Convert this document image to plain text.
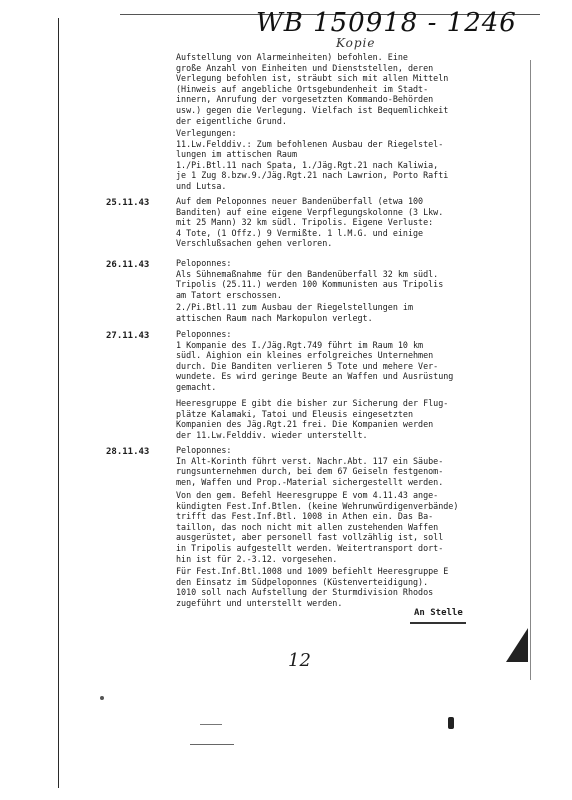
WB 150918 - 1246
Kopie
Aufstellung von Alarmeinheiten) befohlen. Eine
große Anzahl von Einheiten und Dienststellen, deren
Verlegung befohlen ist, sträubt sich mit allen Mitteln
(Hinweis auf angebliche Ortsgebundenheit im Stadt-
innern, Anrufung der vorgesetzten Kommando-Behörden
usw.) gegen die Verlegung. Vielfach ist Bequemlichkeit
der eigentliche Grund.
Verlegungen:
11.Lw.Felddiv.: Zum befohlenen Ausbau der Riegelstel-
lungen im attischen Raum
1./Pi.Btl.11 nach Spata, 1./Jäg.Rgt.21 nach Kaliwia,
je 1 Zug 8.bzw.9./Jäg.Rgt.21 nach Lawrion, Porto Rafti
und Lutsa.
25.11.43	Auf dem Peloponnes neuer Bandenüberfall (etwa 100
Banditen) auf eine eigene Verpflegungskolonne (3 Lkw.
mit 25 Mann) 32 km südl. Tripolis. Eigene Verluste:
4 Tote, (1 Offz.) 9 Vermißte. 1 l.M.G. und einige
Verschlußsachen gehen verloren.
26.11.43	Peloponnes:
Als Sühnemaßnahme für den Bandenüberfall 32 km südl.
Tripolis (25.11.) werden 100 Kommunisten aus Tripolis
am Tatort erschossen.
2./Pi.Btl.11 zum Ausbau der Riegelstellungen im
attischen Raum nach Markopulon verlegt.
27.11.43	Peloponnes:
1 Kompanie des I./Jäg.Rgt.749 führt im Raum 10 km
südl. Aighion ein kleines erfolgreiches Unternehmen
durch. Die Banditen verlieren 5 Tote und mehere Ver-
wundete. Es wird geringe Beute an Waffen und Ausrüstung
gemacht.
Heeresgruppe E gibt die bisher zur Sicherung der Flug-
plätze Kalamaki, Tatoi und Eleusis eingesetzten
Kompanien des Jäg.Rgt.21 frei. Die Kompanien werden
der 11.Lw.Felddiv. wieder unterstellt.
28.11.43	Peloponnes:
In Alt-Korinth führt verst. Nachr.Abt. 117 ein Säube-
rungsunternehmen durch, bei dem 67 Geiseln festgenom-
men, Waffen und Prop.-Material sichergestellt werden.
Von den gem. Befehl Heeresgruppe E vom 4.11.43 ange-
kündigten Fest.Inf.Btlen. (keine Wehrunwürdigenverbände)
trifft das Fest.Inf.Btl. 1008 in Athen ein. Das Ba-
taillon, das noch nicht mit allen zustehenden Waffen
ausgerüstet, aber personell fast vollzählig ist, soll
in Tripolis aufgestellt werden. Weitertransport dort-
hin ist für 2.-3.12. vorgesehen.
Für Fest.Inf.Btl.1008 und 1009 befiehlt Heeresgruppe E
den Einsatz im Südpeloponnes (Küstenverteidigung).
1010 soll nach Aufstellung der Sturmdivision Rhodos
zugeführt und unterstellt werden.
An Stelle
12
